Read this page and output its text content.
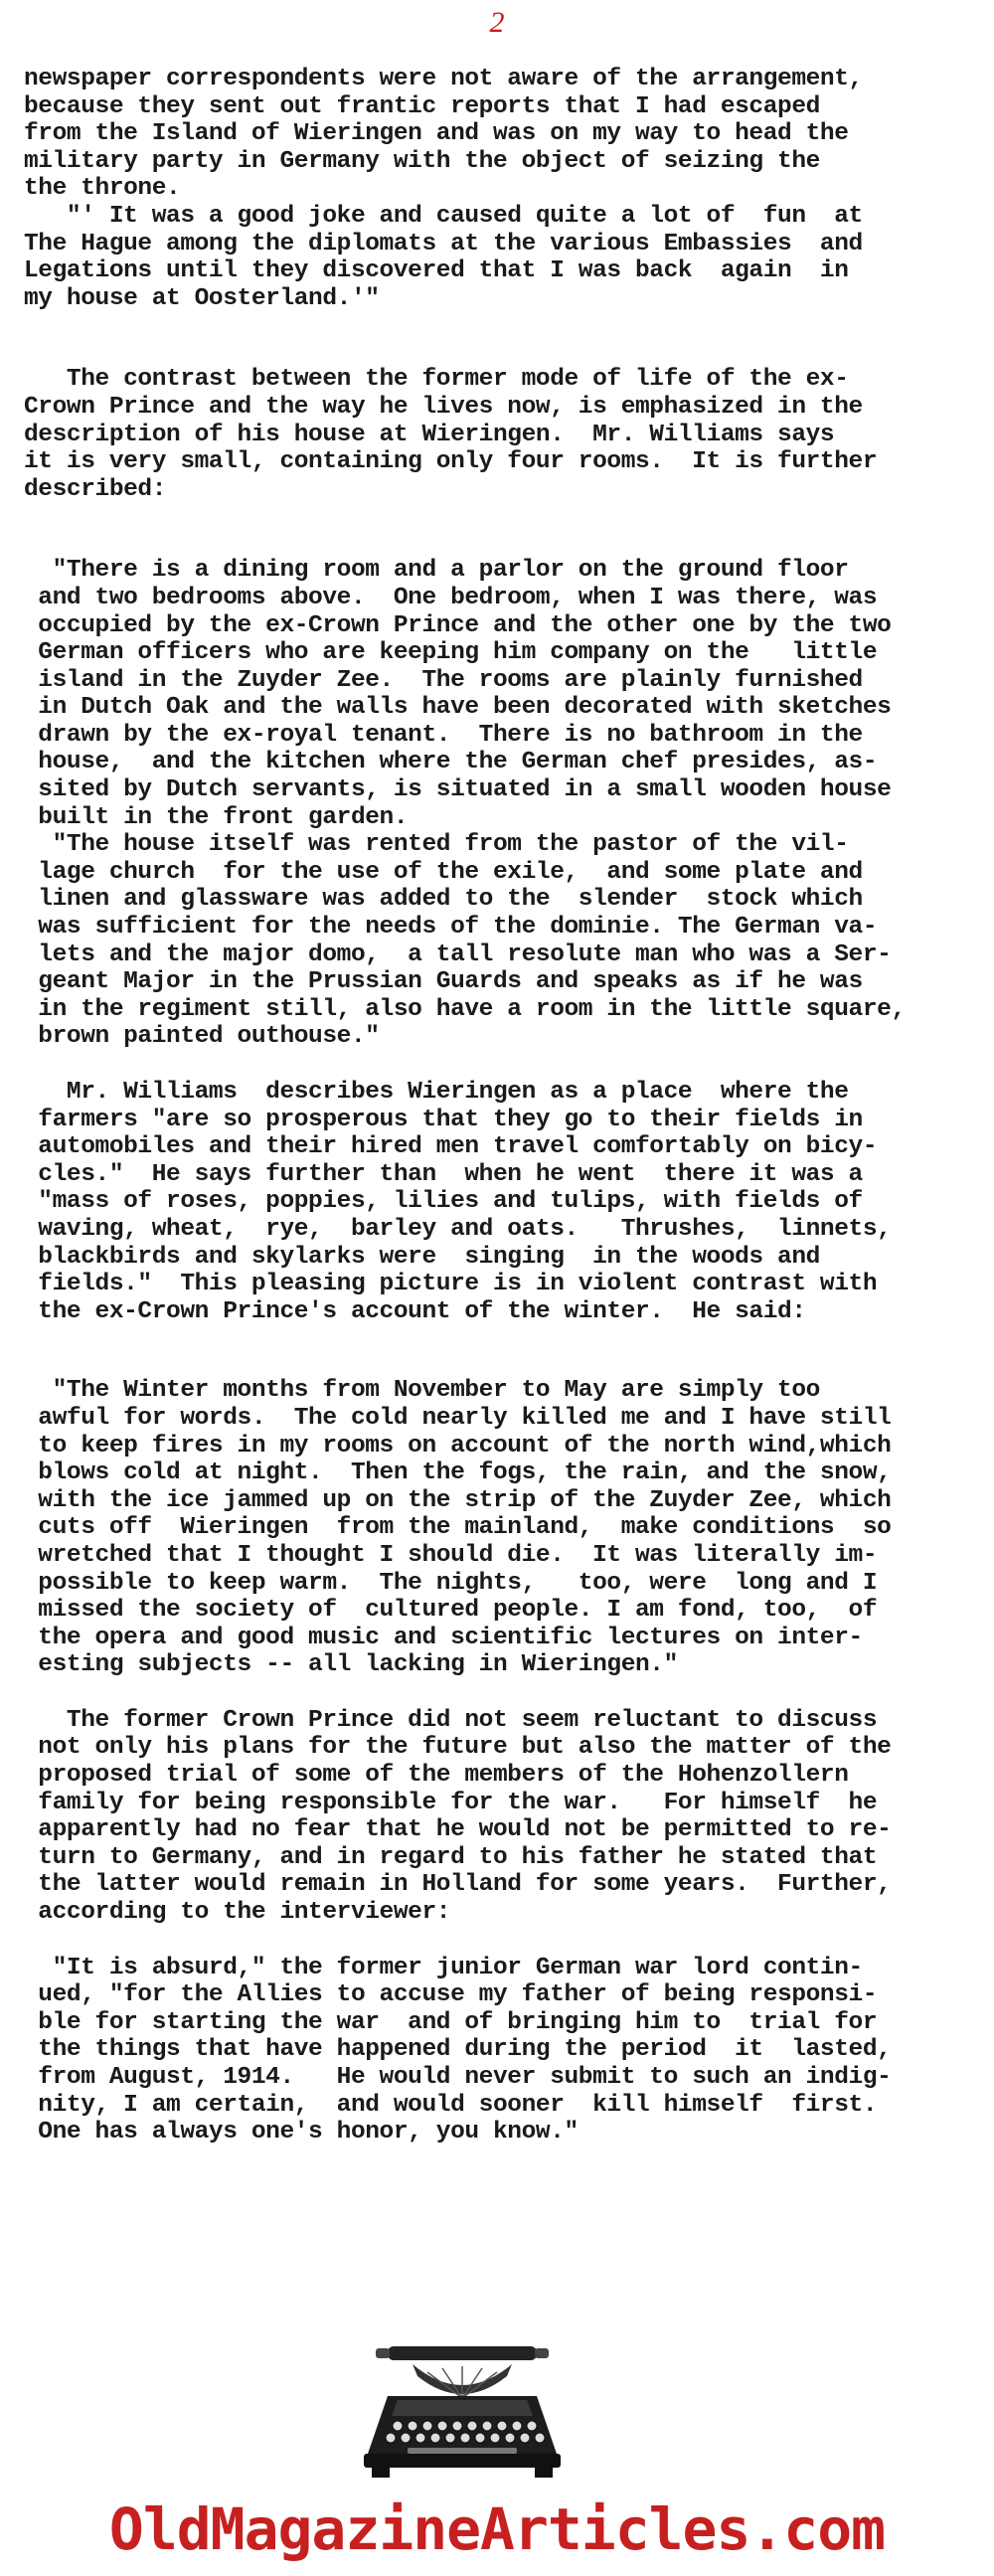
2

newspaper correspondents were not aware of the arrangement,
because they sent out frantic reports that I had escaped
from the Island of Wieringen and was on my way to head the
military party in Germany with the object of seizing the
the throne.
"' It was a good joke and caused quite a lot of  fun  at
The Hague among the diplomats at the various Embassies  and
Legations until they discovered that I was back  again  in
my house at Oosterland.'"

The contrast between the former mode of life of the ex-
Crown Prince and the way he lives now, is emphasized in the
description of his house at Wieringen.  Mr. Williams says
it is very small, containing only four rooms.  It is further
described:

"There is a dining room and a parlor on the ground floor
and two bedrooms above.  One bedroom, when I was there, was
occupied by the ex-Crown Prince and the other one by the two
German officers who are keeping him company on the   little
island in the Zuyder Zee.  The rooms are plainly furnished
in Dutch Oak and the walls have been decorated with sketches
drawn by the ex-royal tenant.  There is no bathroom in the
house,  and the kitchen where the German chef presides, as-
sited by Dutch servants, is situated in a small wooden house
built in the front garden.
"The house itself was rented from the pastor of the vil-
lage church  for the use of the exile,  and some plate and
linen and glassware was added to the  slender  stock which
was sufficient for the needs of the dominie. The German va-
lets and the major domo,  a tall resolute man who was a Ser-
geant Major in the Prussian Guards and speaks as if he was
in the regiment still, also have a room in the little square,
brown painted outhouse."

Mr. Williams  describes Wieringen as a place  where the
farmers "are so prosperous that they go to their fields in
automobiles and their hired men travel comfortably on bicy-
cles."  He says further than  when he went  there it was a
"mass of roses, poppies, lilies and tulips, with fields of
waving, wheat,  rye,  barley and oats.   Thrushes,  linnets,
blackbirds and skylarks were  singing  in the woods and
fields."  This pleasing picture is in violent contrast with
the ex-Crown Prince's account of the winter.  He said:

"The Winter months from November to May are simply too
awful for words.  The cold nearly killed me and I have still
to keep fires in my rooms on account of the north wind,which
blows cold at night.  Then the fogs, the rain, and the snow,
with the ice jammed up on the strip of the Zuyder Zee, which
cuts off  Wieringen  from the mainland,  make conditions  so
wretched that I thought I should die.  It was literally im-
possible to keep warm.  The nights,   too, were  long and I
missed the society of  cultured people. I am fond, too,  of
the opera and good music and scientific lectures on inter-
esting subjects -- all lacking in Wieringen."

The former Crown Prince did not seem reluctant to discuss
not only his plans for the future but also the matter of the
proposed trial of some of the members of the Hohenzollern
family for being responsible for the war.   For himself  he
apparently had no fear that he would not be permitted to re-
turn to Germany, and in regard to his father he stated that
the latter would remain in Holland for some years.  Further,
according to the interviewer:

"It is absurd," the former junior German war lord contin-
ued, "for the Allies to accuse my father of being responsi-
ble for starting the war  and of bringing him to  trial for
the things that have happened during the period  it  lasted,
from August, 1914.   He would never submit to such an indig-
nity, I am certain,  and would sooner  kill himself  first.
One has always one's honor, you know."

OldMagazineArticles.com
